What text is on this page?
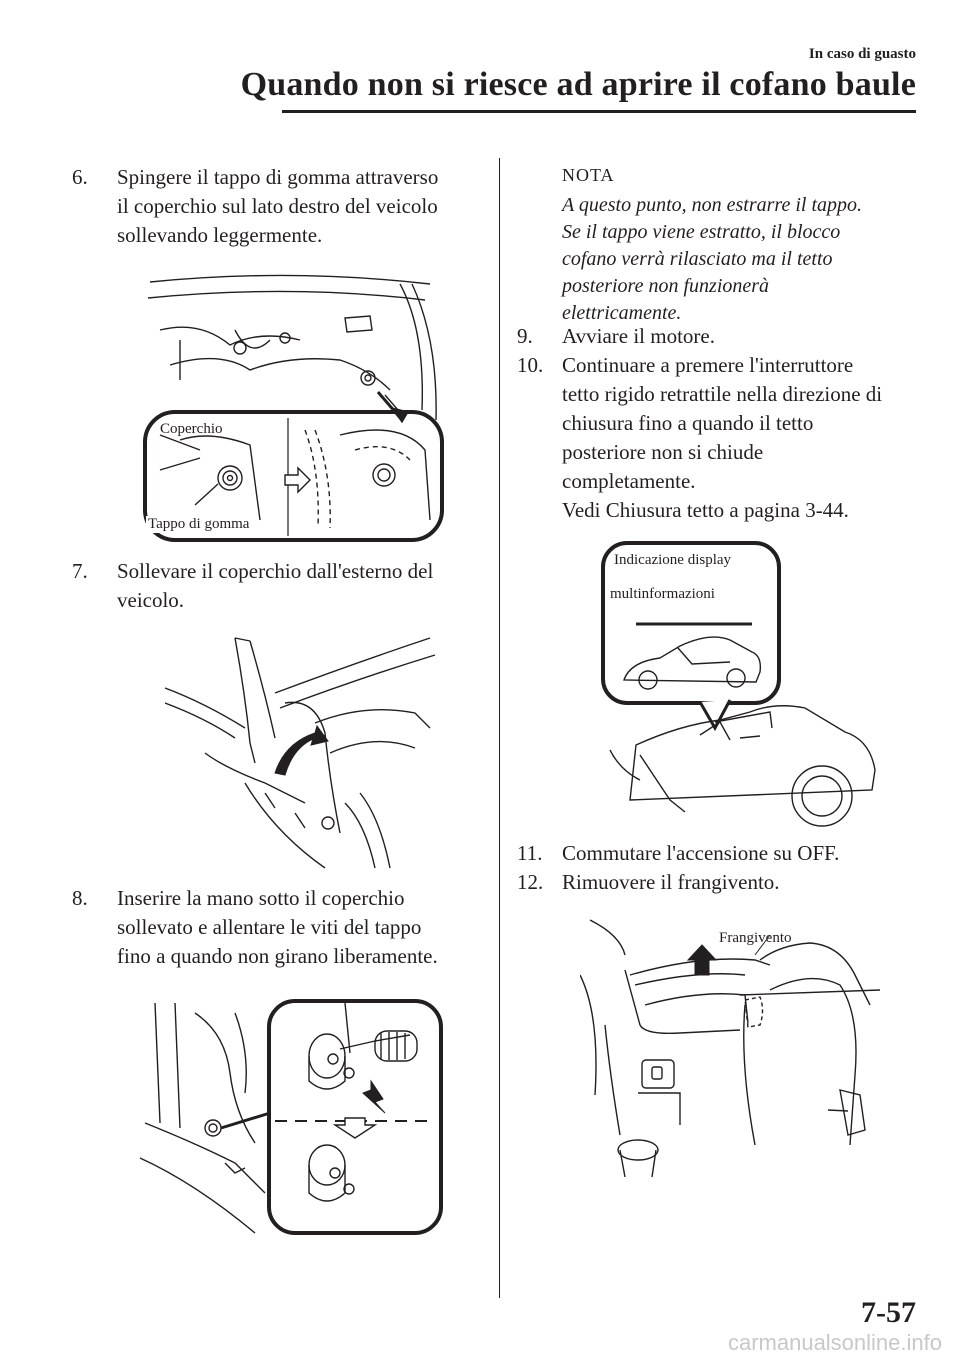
In caso di guasto
Quando non si riesce ad aprire il cofano baule
6. Spingere il tappo di gomma attraverso
il coperchio sul lato destro del veicolo
sollevando leggermente.
Coperchio
Tappo di gomma
7. Sollevare il coperchio dall'esterno del
veicolo.
8. Inserire la mano sotto il coperchio
sollevato e allentare le viti del tappo
fino a quando non girano liberamente.
NOTA
A questo punto, non estrarre il tappo.
Se il tappo viene estratto, il blocco
cofano verrà rilasciato ma il tetto
posteriore non funzionerà
elettricamente.
9. Avviare il motore.
10. Continuare a premere l'interruttore
tetto rigido retrattile nella direzione di
chiusura fino a quando il tetto
posteriore non si chiude
completamente.
Vedi Chiusura tetto a pagina 3-44.
Indicazione display
multinformazioni
11. Commutare l'accensione su OFF.
12. Rimuovere il frangivento.
Frangivento
7-57
carmanualsonline.info
